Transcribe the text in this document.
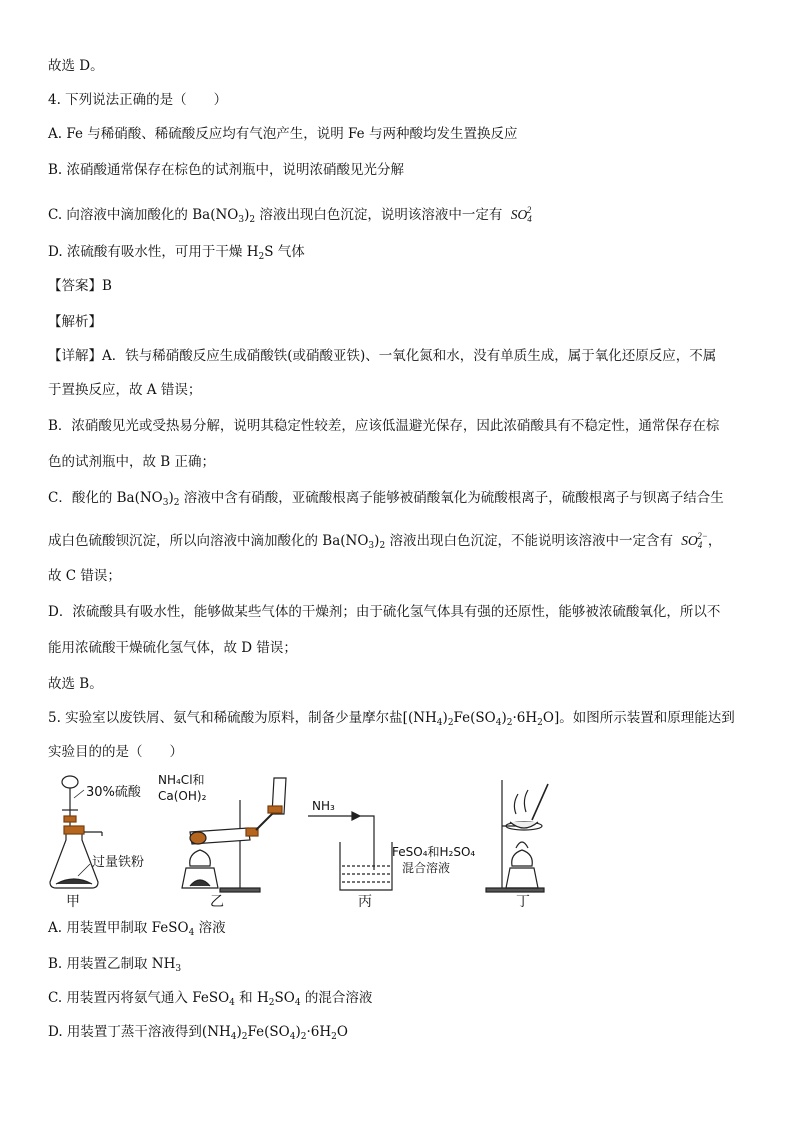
故选 D。
4. 下列说法正确的是（　　）
A. Fe 与稀硝酸、稀硫酸反应均有气泡产生，说明 Fe 与两种酸均发生置换反应
B. 浓硝酸通常保存在棕色的试剂瓶中，说明浓硝酸见光分解
C. 向溶液中滴加酸化的 $Ba(NO_3)_2$ 溶液出现白色沉淀，说明该溶液中一定有 $SO_4^2$
D. 浓硫酸有吸水性，可用于干燥 $H_2S$ 气体
【答案】B
【解析】
【详解】A．铁与稀硝酸反应生成硝酸铁(或硝酸亚铁)、一氧化氮和水，没有单质生成，属于氧化还原反应，不属
于置换反应，故 A 错误；
B．浓硝酸见光或受热易分解，说明其稳定性较差，应该低温避光保存，因此浓硝酸具有不稳定性，通常保存在棕
色的试剂瓶中，故 B 正确；
C．酸化的 $Ba(NO_3)_2$ 溶液中含有硝酸，亚硫酸根离子能够被硝酸氧化为硫酸根离子，硫酸根离子与钡离子结合生
成白色硫酸钡沉淀，所以向溶液中滴加酸化的 $Ba(NO_3)_2$ 溶液出现白色沉淀，不能说明该溶液中一定含有 $SO_4^{2-}$，
故 C 错误；
D．浓硫酸具有吸水性，能够做某些气体的干燥剂；由于硫化氢气体具有强的还原性，能够被浓硫酸氧化，所以不
能用浓硫酸干燥硫化氢气体，故 D 错误；
故选 B。
5. 实验室以废铁屑、氨气和稀硫酸为原料，制备少量摩尔盐$[(NH_4)_2Fe(SO_4)_2\cdot 6H_2O]$。如图所示装置和原理能达到
实验目的的是（　　）
30%硫酸
过量铁粉
甲
NH₄Cl和
Ca(OH)₂
乙
NH₃
FeSO₄和H₂SO₄
混合溶液
丙	丁
A. 用装置甲制取 FeSO$_4$ 溶液
B. 用装置乙制取 $NH_3$
C. 用装置丙将氨气通入 FeSO$_4$ 和 $H_2SO_4$ 的混合溶液
D. 用装置丁蒸干溶液得到$(NH_4)_2Fe(SO_4)_2\cdot 6H_2O$
